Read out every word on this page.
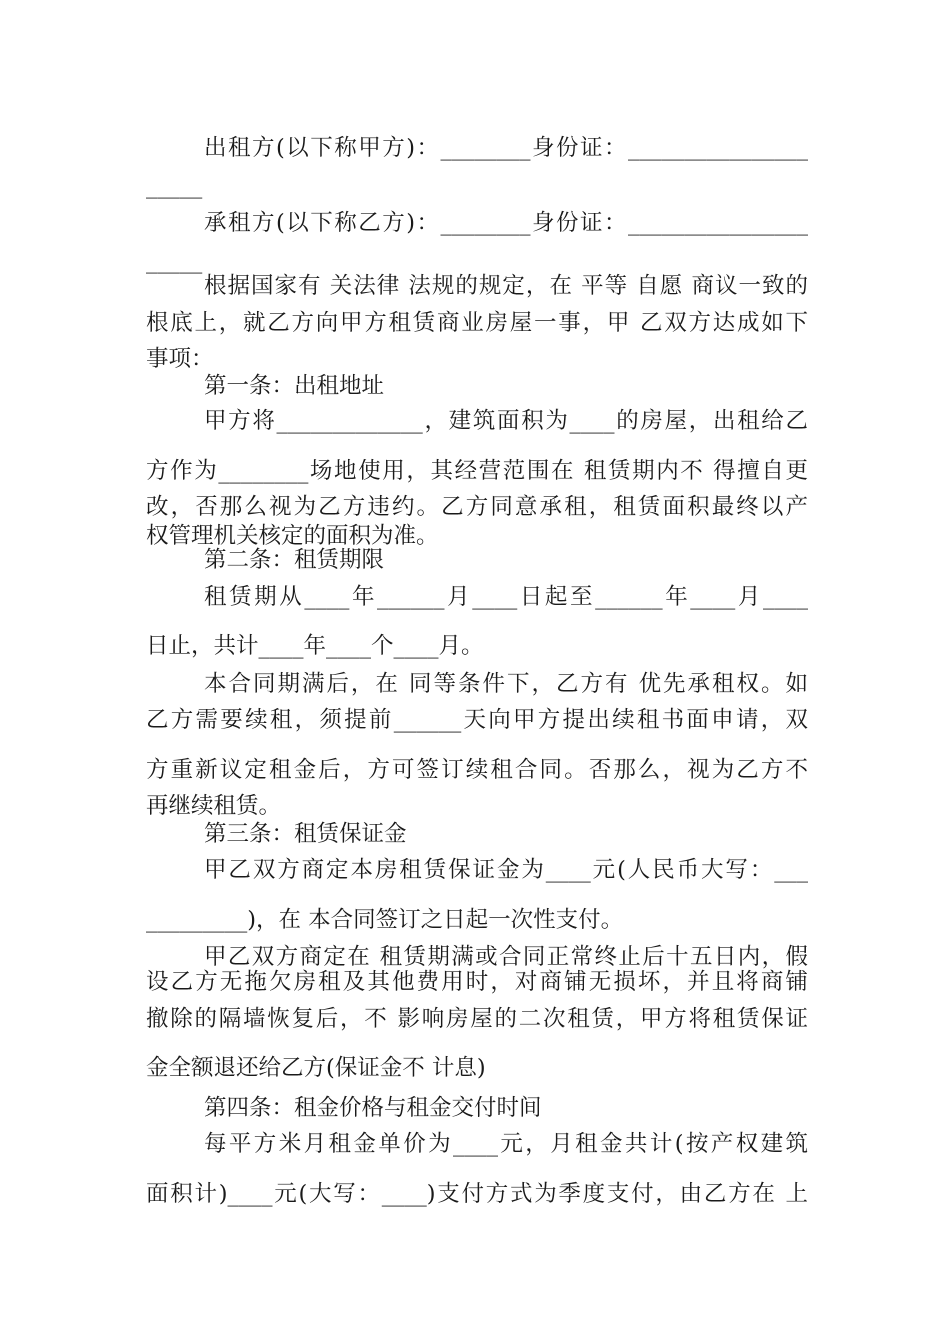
出租方(以下称甲方)：________身份证：________________
_____
承租方(以下称乙方)：________身份证：________________
_____
根据国家有 关法律 法规的规定，在 平等 自愿 商议一致的
根底上，就乙方向甲方租赁商业房屋一事，甲 乙双方达成如下
事项：
第一条：出租地址
甲方将_____________，建筑面积为____的房屋，出租给乙
方作为________场地使用，其经营范围在 租赁期内不 得擅自更
改，否那么视为乙方违约。乙方同意承租，租赁面积最终以产
权管理机关核定的面积为准。
第二条：租赁期限
租赁期从____年______月____日起至______年____月____
日止，共计____年____个____月。
本合同期满后，在 同等条件下，乙方有 优先承租权。如
乙方需要续租，须提前______天向甲方提出续租书面申请，双
方重新议定租金后，方可签订续租合同。否那么，视为乙方不
再继续租赁。
第三条：租赁保证金
甲乙双方商定本房租赁保证金为____元(人民币大写：___
_________)，在 本合同签订之日起一次性支付。
甲乙双方商定在 租赁期满或合同正常终止后十五日内，假
设乙方无拖欠房租及其他费用时，对商铺无损坏，并且将商铺
撤除的隔墙恢复后，不 影响房屋的二次租赁，甲方将租赁保证
金全额退还给乙方(保证金不 计息)
第四条：租金价格与租金交付时间
每平方米月租金单价为____元，月租金共计(按产权建筑
面积计)____元(大写：____)支付方式为季度支付，由乙方在 上
